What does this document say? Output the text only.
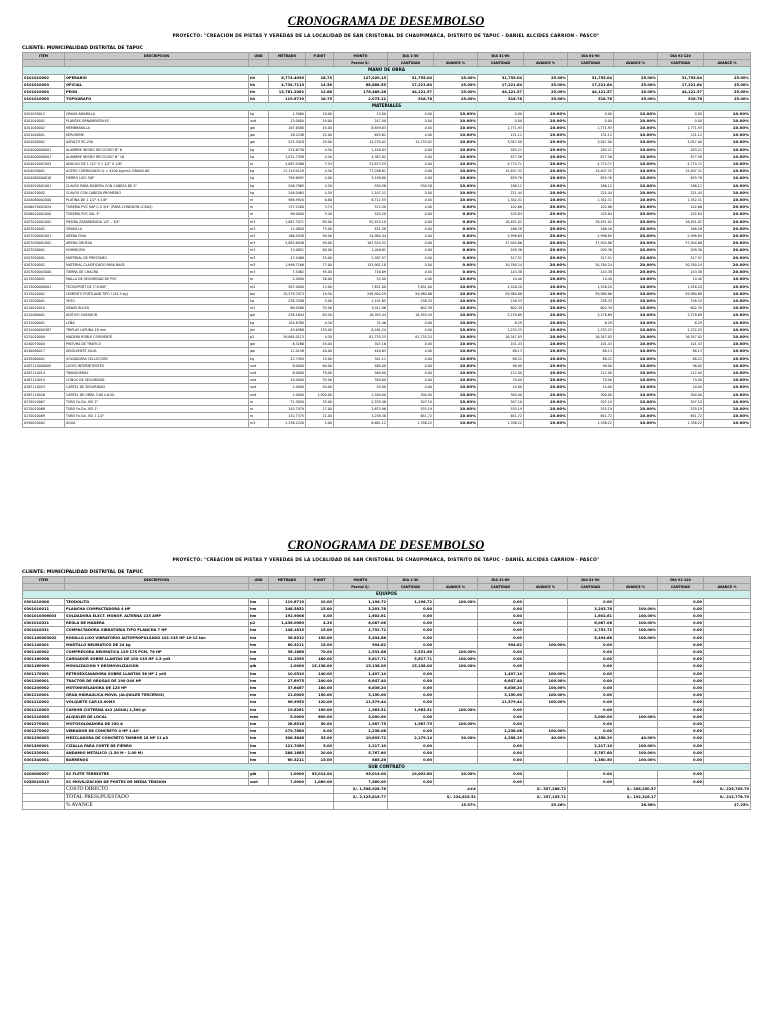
CRONOGRAMA DE DESEMBOLSO
PROYECTO: "CREACION DE PISTAS Y VEREDAS DE LA LOCALIDAD DE SAN CRISTOBAL DE CHAUPIMARCA, DISTRITO DE TAPUC - DANIEL ALCIDES CARRION - PASCO"
CLIENTE: MUNICIPALIDAD DISTRITAL DE TAPUC
ITEM	DESCRIPCION	UND	METRADO	P.UNIT	MONTO	DIA 1-30		DIA 31-60		DIA 61-90		DIA 91-120	
					Parcial S/.	CANTIDAD	AVANCE %	CANTIDAD	AVANCE %	CANTIDAD	AVANCE %	CANTIDAD	AVANCE %
MANO DE OBRA													
0101010002	OPERARIO	hh	6,774.4095	18.75	127,020.15	31,755.04	25.00%	31,755.04	25.00%	31,755.04	25.00%	31,755.04	25.00%
0101010003	OFICIAL	hh	4,734.7113	14.56	68,886.55	17,221.64	25.00%	17,221.64	25.00%	17,221.64	25.00%	17,221.64	25.00%
0101010004	PEON	hh	13,761.2062	12.88	176,486.28	44,121.57	25.00%	44,121.57	25.00%	44,121.57	25.00%	44,121.57	25.00%
0101010005	TOPOGRAFO	hh	119.6719	18.75	2,075.12	518.78	25.00%	518.78	25.00%	518.78	25.00%	518.78	25.00%
MATERIALES													
0201030012	GRASA AMARILLA	kg	1.5060	10.00	15.00	0.00	10.00%	0.00	10.00%	0.00	10.00%	0.00	10.00%
0201040001	PLANTAS ORNAMENTALES	und	13.0000	19.00	247.00	0.00	10.00%	0.00	10.00%	0.00	10.00%	0.00	10.00%
0201040002	MEMBRANILLA	gal	167.6588	45.00	8,859.63	0.00	10.00%	1,771.93	10.00%	1,771.93	10.00%	1,771.93	10.00%
0201040001	KEROSENE	gal	26.2248	25.00	655.62	0.00	10.00%	131.12	10.00%	131.12	10.00%	131.12	10.00%
0201050001	ASFALTO RC-250	gal	525.3418	29.00	15,235.02	15,235.02	10.00%	3,047.00	10.00%	3,047.00	10.00%	3,047.00	10.00%
0204000000001	ALAMBRE NEGRO RECOCIDO N° 8	kg	314.6736	4.50	1,416.03	0.00	10.00%	283.21	10.00%	283.21	10.00%	283.21	10.00%
0204000000001	ALAMBRE NEGRO RECOCIDO N° 16	kg	1,031.7358	4.50	4,387.82	0.00	10.00%	877.56	10.00%	877.56	10.00%	877.56	10.00%
0204020007003	ANGULO DE 1 1/2" X 1 1/2" X 1/8"	m	3,087.0368	7.53	23,873.55	0.00	10.00%	4,774.71	10.00%	4,774.71	10.00%	4,774.71	10.00%
0204030001	ACERO CORRUGADO fy = 4200 kg/cm2 GRADO 60	kg	17,119.0129	4.50	77,036.61	0.00	10.00%	15,407.32	10.00%	15,407.32	10.00%	15,407.32	10.00%
0204080000010	FIERRO LISO 5/8"	kg	799.6992	4.00	3,198.80	0.00	10.00%	639.76	10.00%	639.76	10.00%	639.76	10.00%
0204020001001	CLAVOS PARA MADERA CON CABEZA DE 3"	kg	206.7965	4.50	930.58	930.58	10.00%	186.12	10.00%	186.12	10.00%	186.12	10.00%
0204020002	CLAVOS CON CABEZA PROMEDIO	kg	246.0465	4.50	1,107.21	0.00	10.00%	221.44	10.00%	221.44	10.00%	221.44	10.00%
0204080002000	PLATINA DE 1 1/2" X 1/8"	m	986.9920	6.80	6,711.55	0.00	10.00%	1,342.31	10.00%	1,342.31	10.00%	1,342.31	10.00%
0206070003024	TUBERIA PVC SAP C-5 3/4" (PARA CONEXION LOSAS)	m	137.2500	3.74	513.30	0.00	0.00%	102.66	20.00%	102.66	20.00%	102.66	20.00%
0206010001000	TUBERIA PVC SAL 3"	m	98.0000	5.40	529.20	0.00	0.00%	105.84	20.00%	105.84	20.00%	105.84	20.00%
0207010001002	PIEDRA ZARANDEADA 1/2" - 3/4"	m3	1,087.7071	85.00	92,455.10	0.00	0.00%	18,491.02	20.00%	18,491.02	20.00%	18,491.02	20.00%
0207010002	GRAVILLA	m3	11.0850	75.00	831.38	0.00	0.00%	166.28	20.00%	166.28	20.00%	166.28	20.00%
0207030001001	ARENA FINA	m3	166.4938	90.00	14,984.44	0.00	0.00%	2,996.89	20.00%	2,996.89	20.00%	2,996.89	20.00%
0207030001002	ARENA GRUESA	m3	2,083.6036	90.00	187,524.32	0.00	0.00%	37,504.86	20.00%	37,504.86	20.00%	37,504.86	20.00%
0207030001	HORMIGON	m3	13.0851	80.00	1,046.81	0.00	0.00%	209.36	20.00%	209.36	20.00%	209.36	20.00%
0207050001	MATERIAL DE PRESTAMO	m3	47.0468	55.00	2,587.57	0.00	0.00%	517.51	20.00%	517.51	20.00%	517.51	20.00%
0207050002	MATERIAL CLASIFICADO PARA BASE	m3	1,998.7166	77.00	153,901.18	0.00	0.00%	30,780.24	20.00%	30,780.24	20.00%	30,780.24	20.00%
0207050003000	TIERRA DE CHACRA	m3	7.5462	95.00	716.89	0.00	0.00%	143.38	20.00%	143.38	20.00%	143.38	20.00%
0213030001	MALLA DE SEGURIDAD DE PVC	m	2.0000	26.00	52.00	0.00	10.00%	10.40	10.00%	10.40	10.00%	10.40	10.00%
0213000000001	TECNOPORT DE 1"X4X8"	m2	587.0000	13.00	7,631.00	7,631.00	10.00%	1,526.20	10.00%	1,526.20	10.00%	1,526.20	10.00%
0213010001	CEMENTO PORTLAND TIPO I (42.5 kg)	bol	15,379.7073	19.50	299,904.29	59,980.86	10.00%	59,980.86	10.00%	59,980.86	10.00%	59,980.86	10.00%
0213030001	YESO	kg	238.3298	5.00	1,191.65	238.33	10.00%	238.33	10.00%	238.33	10.00%	238.33	10.00%
0214020010	GRASS BLOCK	m2	86.0560	35.00	3,011.96	602.39	10.00%	602.39	10.00%	602.39	10.00%	602.39	10.00%
0222080001	ADITIVO CURADOR	gal	258.1644	63.50	16,393.44	16,393.44	10.00%	3,278.69	10.00%	3,278.69	10.00%	3,278.69	10.00%
0231000001	LEÑA	kg	104.8780	0.30	31.46	0.00	10.00%	6.29	10.00%	6.29	10.00%	6.29	10.00%
0231000000387	TRIPLAY LUPUNA 18 mm	pln	45.6388	135.00	6,161.24	0.00	10.00%	1,232.25	10.00%	1,232.25	10.00%	1,232.25	10.00%
0231010009	MADERA ROBLE CORRIENTE	p2	19,064.0113	4.30	81,735.25	81,735.25	10.00%	16,347.05	10.00%	16,347.05	10.00%	16,347.05	10.00%
0240070004	PINTURA DE TRAFICO	gal	8.3266	55.00	507.16	0.00	10.00%	101.43	10.00%	101.43	10.00%	101.43	10.00%
0240080017	DISOLVENTE XILOL	gal	11.0158	40.00	440.63	0.00	10.00%	88.13	10.00%	88.13	10.00%	88.13	10.00%
0255060001	SOLDADURA CELLOCORD	kg	22.7494	15.00	341.11	0.00	10.00%	68.22	10.00%	68.22	10.00%	68.22	10.00%
0267110000005	LUCES INTERMITENTES	und	8.0000	60.00	480.00	0.00	10.00%	96.00	10.00%	96.00	10.00%	96.00	10.00%
0267110014	TRANQUERAS	und	8.0000	70.00	560.00	0.00	10.00%	112.00	10.00%	112.00	10.00%	112.00	10.00%
0267110015	CONOS DE SEGURIDAD	und	10.0000	35.00	350.00	0.00	10.00%	70.00	10.00%	70.00	10.00%	70.00	10.00%
0267110023	CARTEL DE SEGURIDAD	und	1.0000	50.00	50.00	0.00	10.00%	10.00	10.00%	10.00	10.00%	10.00	10.00%
0267110026	CARTEL DE OBRA 3.60 x 6.50	und	1.0000	1,500.00	1,500.00	300.00	10.00%	300.00	10.00%	300.00	10.00%	300.00	10.00%
0270010067	TUBO Fo.Ga. ISO 2"	m	71.3050	35.00	2,535.48	507.10	10.00%	507.10	10.00%	507.10	10.00%	507.10	10.00%
0270010068	TUBO Fo.Ga. ISO 1"	m	192.7079	17.00	2,675.96	535.19	10.00%	535.19	10.00%	535.19	10.00%	535.19	10.00%
0270010089	TUBO Fo.Ga. ISO 1 1/2"	m	132.7375	21.00	3,258.58	651.72	10.00%	651.72	10.00%	651.72	10.00%	651.72	10.00%
0290010002	AGUA	m3	1,336.2240	5.00	6,681.12	1,336.22	10.00%	1,336.22	10.00%	1,336.22	10.00%	1,336.22	10.00%
CRONOGRAMA DE DESEMBOLSO
PROYECTO: "CREACION DE PISTAS Y VEREDAS DE LA LOCALIDAD DE SAN CRISTOBAL DE CHAUPIMARCA, DISTRITO DE TAPUC - DANIEL ALCIDES CARRION - PASCO"
CLIENTE: MUNICIPALIDAD DISTRITAL DE TAPUC
ITEM	DESCRIPCION	UND	METRADO	P.UNIT	MONTO	DIA 1-30		DIA 31-60		DIA 61-90		DIA 91-120	
					Parcial S/.	CANTIDAD	AVANCE %	CANTIDAD	AVANCE %	CANTIDAD	AVANCE %	CANTIDAD	AVANCE %
EQUIPOS													
0301010006	TEODOLITO	hm	119.6719	10.00	1,196.72	1,196.72	100.00%	0.00		0.00		0.00	
0301010011	PLANCHA COMPACTADORA 4 HP	hm	248.5852	15.00	3,203.78	0.00		0.00		3,203.78	100.00%	0.00	
0301010006003	SOLDADORA ELECT. MONOF. ALTERNA 225 AMP	hm	192.9008	5.00	1,602.61	0.00		0.00		1,602.61	100.00%	0.00	
0301010021	REGLA DE MADERA	p2	1,436.0060	4.25	6,087.06	0.00		0.00		6,087.06	100.00%	0.00	
0301010031	COMPACTADORA VIBRATORIA TIPO PLANCHA 7 HP	hm	146.1815	15.00	2,752.72	0.00		0.00		2,752.72	100.00%	0.00	
0301100003002	RODILLO LISO VIBRATORIO AUTOPROPULSADO 101-135 HP 10-12 ton	hm	36.6312	150.00	5,494.68	0.00		0.00		5,494.68	100.00%	0.00	
0301140001	MARTILLO NEUMATICO DE 24 kg	hm	60.3211	15.00	904.82	0.00		904.82	100.00%	0.00		0.00	
0301140002	COMPRESORA NEUMATICA 125-175 PCM, 76 HP	hm	36.1668	70.00	2,531.68	2,531.68	100.00%	0.00		0.00		0.00	
0301160008	CARGADOR SOBRE LLANTAS DE 100-135 HP 2.5 yd3	hm	31.2095	180.00	5,617.71	5,617.71	100.00%	0.00		0.00		0.00	
0301160009	MOVILIZACION Y DESMOVILIZACION	glb	1.0000	15,138.00	15,138.00	15,138.00	100.00%	0.00		0.00		0.00	
0301170001	RETROEXCAVADORA SOBRE LLANTAS 58 HP 1 yd3	hm	10.0510	140.00	1,407.14	0.00		1,407.14	100.00%	0.00		0.00	
0301200001	TRACTOR DE ORUGAS DE 190-240 HP	hm	27.6975	240.00	6,647.40	0.00		6,647.40	100.00%	0.00		0.00	
0301200002	MOTONIVELADORA DE 125 HP	hm	37.6467	180.00	6,836.20	0.00		6,836.20	100.00%	0.00		0.00	
0301210001	GRUA HIDRAULICA MOVIL (ALQUILER TERCEROS)	hm	21.0000	150.00	3,150.00	0.00		3,150.00	100.00%	0.00		0.00	
0301210002	VOLQUETE CAP.15.00M3	hm	96.9953	120.00	11,579.44	0.00		11,579.44	100.00%	0.00		0.00	
0301210003	CAMION CISTERNA 4x2 (AGUA) 1,500 gl	hm	19.6261	100.00	1,963.51	1,963.51	100.00%	0.00		0.00		0.00	
0301210005	ALQUILER DE LOCAL	mes	5.0000	600.00	3,000.00	0.00		0.00		3,000.00	100.00%	0.00	
0301270001	MOTOSOLDADORA DE 250 A	hm	28.6518	50.00	1,987.75	1,987.75	100.00%	0.00		0.00		0.00	
0301270002	VIBRADOR DE CONCRETO 4 HP 2.40"	hm	279.7680	8.00	2,238.08	0.00		2,238.08	100.00%	0.00		0.00	
0301290003	MEZCLADORA DE CONCRETO TAMBOR 18 HP 11 p3	hm	306.5848	35.00	10,895.72	2,179.14	20.00%	4,358.29	40.00%	4,358.29	40.00%	0.00	
0301300001	CIZALLA PARA CORTE DE FIERRO	hm	121.7089	5.00	2,217.10	0.00		0.00		2,217.10	100.00%	0.00	
0301320001	ANDAMIO METALICO (1.50 M - 2.00 M)	hm	288.1685	20.00	5,767.60	0.00		0.00		5,767.60	100.00%	0.00	
0301340001	BARRENOS	hm	60.3211	15.00	885.26	0.00		0.00		1,380.50	100.00%	0.00	
SUB CONTRATO													
0200000007	SC FLETE TERRESTRE	glb	1.0000	95,014.00	95,014.00	19,002.80	20.00%	0.00		0.00		0.00	
0250010015	SC MOVILIZACION DE POSTES DE MEDIA TENSION	und	7.0000	1,080.00	7,560.00	0.00		0.00		0.00		0.00	
	COSTO DIRECTO				S/. 1,598,928.76	###		S/. 557,288.72		S/. 206,250.57		S/. 225,705.79	
	TOTAL PRESUPUESTADO				S/. 2,125,816.77	S/. 224,615.51		S/. 257,155.71		S/. 192,316.17		S/. 212,776.79	
	% AVANCE					15.57%		25.26%		26.98%		27.25%	
